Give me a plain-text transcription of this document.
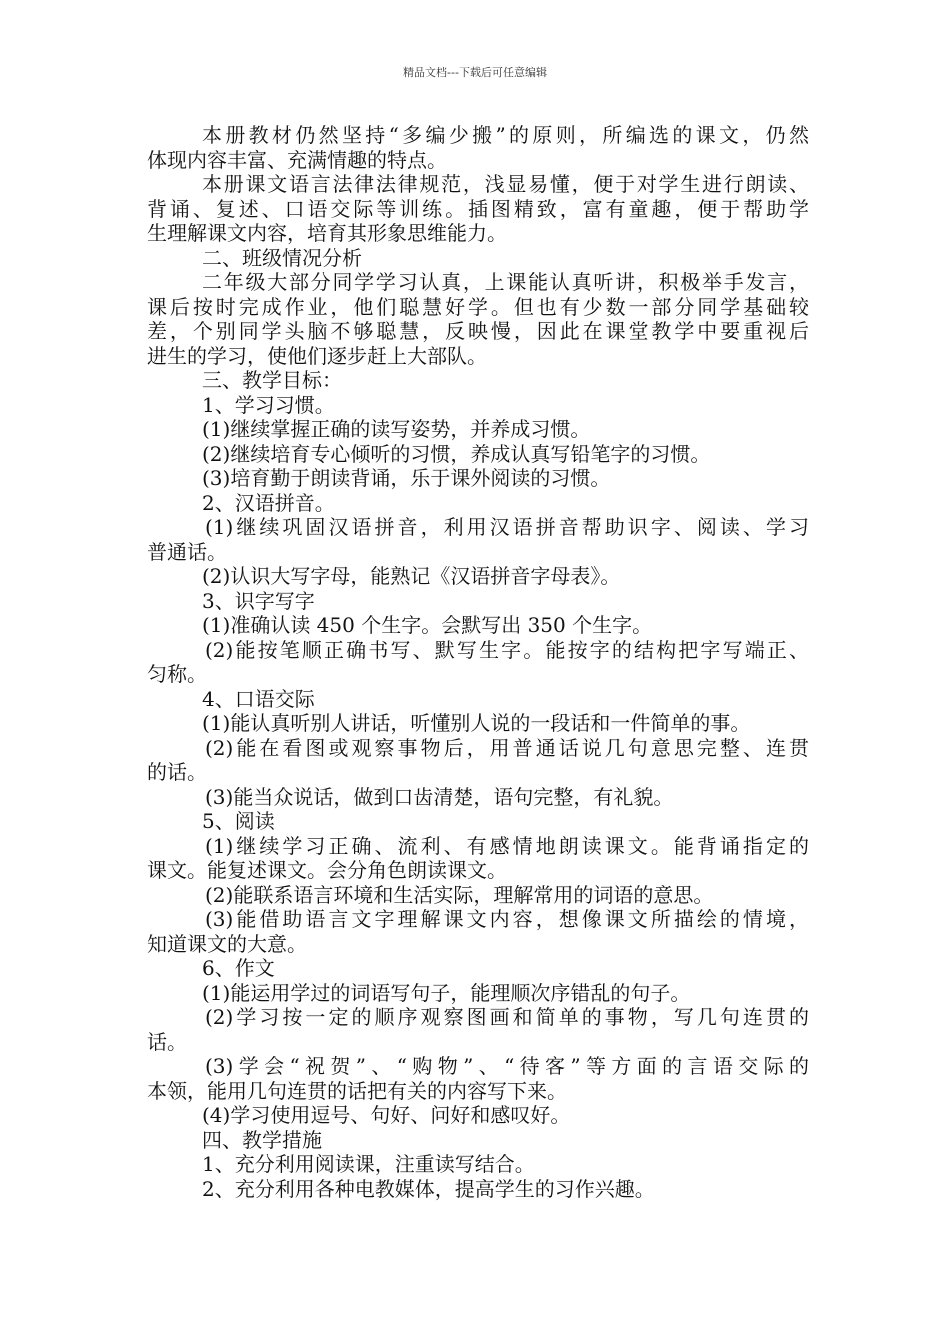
精品文档---下载后可任意编辑
本册教材仍然坚持“多编少搬”的原则，所编选的课文，仍然
体现内容丰富、充满情趣的特点。
本册课文语言法律法律规范，浅显易懂，便于对学生进行朗读、
背诵、复述、口语交际等训练。插图精致，富有童趣，便于帮助学
生理解课文内容，培育其形象思维能力。
二、班级情况分析
二年级大部分同学学习认真，上课能认真听讲，积极举手发言，
课后按时完成作业，他们聪慧好学。但也有少数一部分同学基础较
差，个别同学头脑不够聪慧，反映慢，因此在课堂教学中要重视后
进生的学习，使他们逐步赶上大部队。
三、教学目标：
1、学习习惯。
(1)继续掌握正确的读写姿势，并养成习惯。
(2)继续培育专心倾听的习惯，养成认真写铅笔字的习惯。
(3)培育勤于朗读背诵，乐于课外阅读的习惯。
2、汉语拼音。
(1)继续巩固汉语拼音，利用汉语拼音帮助识字、阅读、学习
普通话。
(2)认识大写字母，能熟记《汉语拼音字母表》。
3、识字写字
(1)准确认读 450 个生字。会默写出 350 个生字。
(2)能按笔顺正确书写、默写生字。能按字的结构把字写端正、
匀称。
4、口语交际
(1)能认真听别人讲话，听懂别人说的一段话和一件简单的事。
(2)能在看图或观察事物后，用普通话说几句意思完整、连贯
的话。
(3)能当众说话，做到口齿清楚，语句完整，有礼貌。
5、阅读
(1)继续学习正确、流利、有感情地朗读课文。能背诵指定的
课文。能复述课文。会分角色朗读课文。
(2)能联系语言环境和生活实际，理解常用的词语的意思。
(3)能借助语言文字理解课文内容，想像课文所描绘的情境，
知道课文的大意。
6、作文
(1)能运用学过的词语写句子，能理顺次序错乱的句子。
(2)学习按一定的顺序观察图画和简单的事物，写几句连贯的
话。
(3)学会“祝贺”、“购物”、“待客”等方面的言语交际的
本领，能用几句连贯的话把有关的内容写下来。
(4)学习使用逗号、句好、问好和感叹好。
四、教学措施
1、充分利用阅读课，注重读写结合。
2、充分利用各种电教媒体，提高学生的习作兴趣。
